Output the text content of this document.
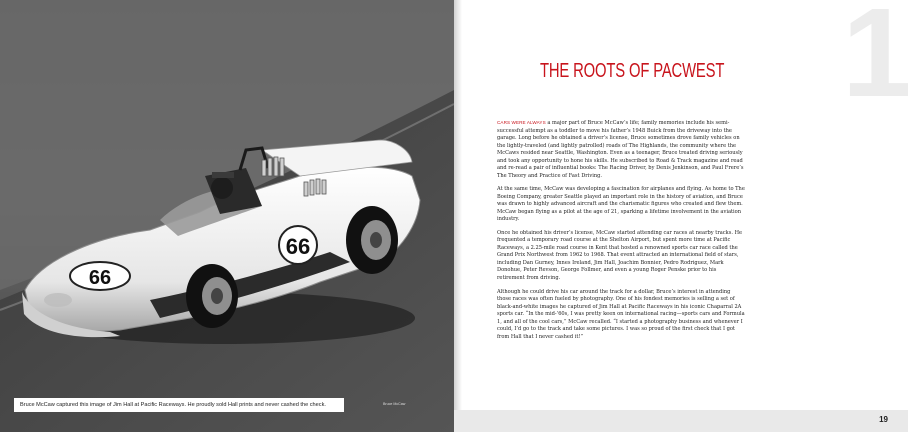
66
66
Bruce McCaw captured this image of Jim Hall at Pacific Raceways. He proudly sold Hall prints and never cashed the check.	Bruce McCaw
1
THE ROOTS OF PACWEST

CARS WERE ALWAYS a major part of Bruce McCaw’s life; family memories include his semi-successful attempt as a toddler to move his father’s 1948 Buick from the driveway into the garage. Long before he obtained a driver’s license, Bruce sometimes drove family vehicles on the lightly-traveled (and lightly patrolled) roads of The Highlands, the community where the McCaws resided near Seattle, Washington. Even as a teenager, Bruce treated driving seriously and took any opportunity to hone his skills. He subscribed to Road & Track magazine and read and re-read a pair of influential books: The Racing Driver, by Denis Jenkinson, and Paul Frere’s The Theory and Practice of Fast Driving.

At the same time, McCaw was developing a fascination for airplanes and flying. As home to The Boeing Company, greater Seattle played an important role in the history of aviation, and Bruce was drawn to highly advanced aircraft and the charismatic figures who created and flew them. McCaw began flying as a pilot at the age of 21, sparking a lifetime involvement in the aviation industry.

Once he obtained his driver’s license, McCaw started attending car races at nearby tracks. He frequented a temporary road course at the Shelton Airport, but spent more time at Pacific Raceways, a 2.25-mile road course in Kent that hosted a renowned sports car race called the Grand Prix Northwest from 1962 to 1968. That event attracted an international field of stars, including Dan Gurney, Innes Ireland, Jim Hall, Joachim Bonnier, Pedro Rodriguez, Mark Donohue, Peter Revson, George Follmer, and even a young Roger Penske prior to his retirement from driving.

Although he could drive his car around the track for a dollar, Bruce’s interest in attending those races was often fueled by photography. One of his fondest memories is selling a set of black-and-white images he captured of Jim Hall at Pacific Raceways in his iconic Chaparral 2A sports car. “In the mid-’60s, I was pretty keen on international racing—sports cars and Formula 1, and all of the cool cars,” McCaw recalled. “I started a photography business and whenever I could, I’d go to the track and take some pictures. I was so proud of the first check that I got from Hall that I never cashed it!”

19
